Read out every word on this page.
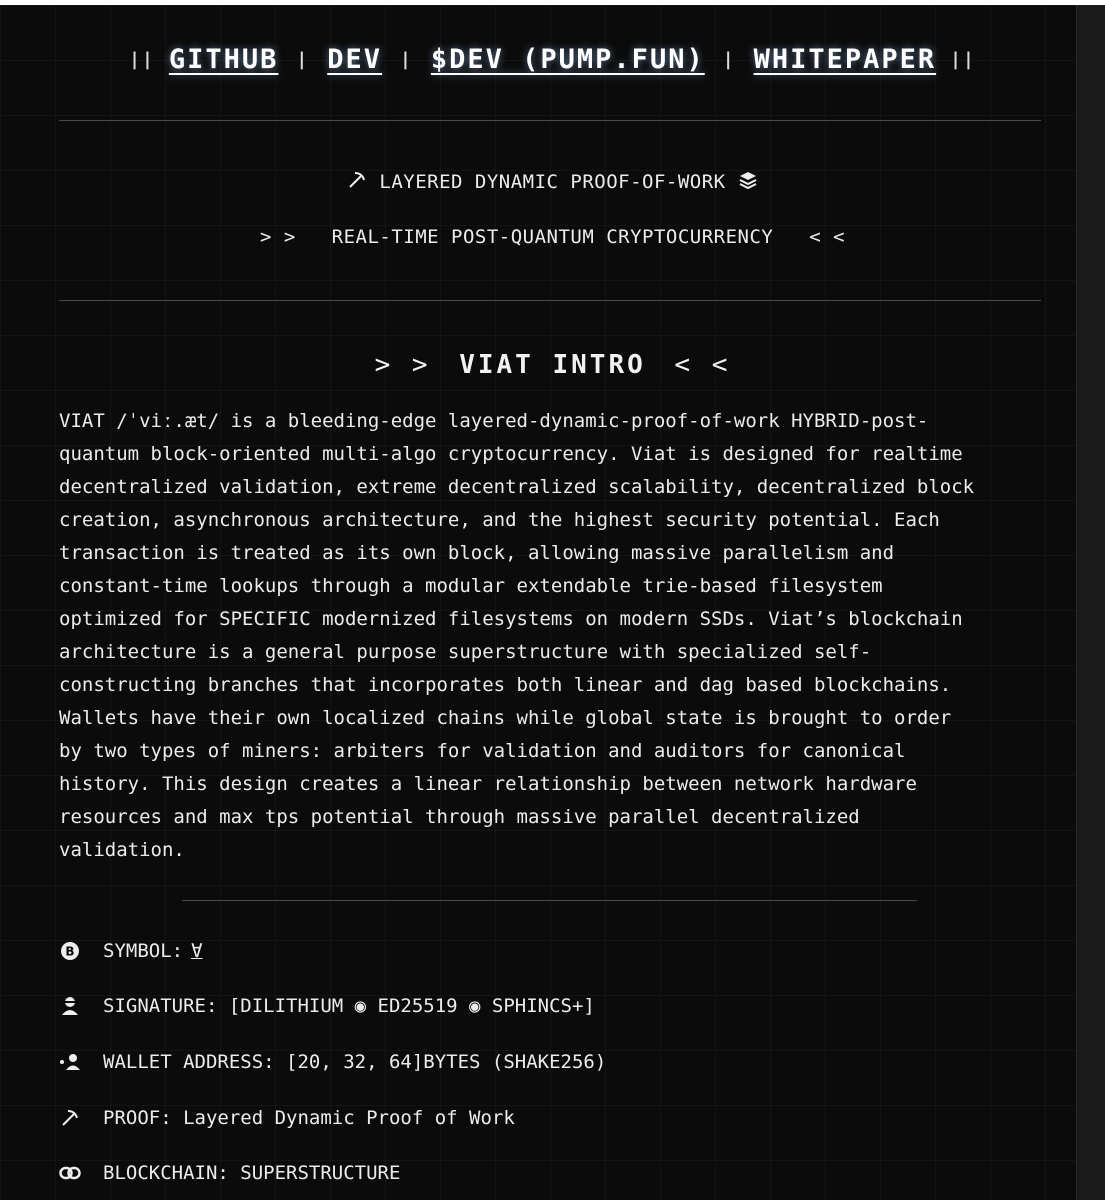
|| GITHUB | DEV | $DEV (PUMP.FUN) | WHITEPAPER ||
LAYERED DYNAMIC PROOF-OF-WORK
> > REAL-TIME POST-QUANTUM CRYPTOCURRENCY < <
> > VIAT INTRO < <
VIAT /ˈviː.æt/ is a bleeding-edge layered-dynamic-proof-of-work HYBRID-post-
quantum block-oriented multi-algo cryptocurrency. Viat is designed for realtime
decentralized validation, extreme decentralized scalability, decentralized block
creation, asynchronous architecture, and the highest security potential. Each
transaction is treated as its own block, allowing massive parallelism and
constant-time lookups through a modular extendable trie-based filesystem
optimized for SPECIFIC modernized filesystems on modern SSDs. Viat’s blockchain
architecture is a general purpose superstructure with specialized self-
constructing branches that incorporates both linear and dag based blockchains.
Wallets have their own localized chains while global state is brought to order
by two types of miners: arbiters for validation and auditors for canonical
history. This design creates a linear relationship between network hardware
resources and max tps potential through massive parallel decentralized
validation.
B SYMBOL: ∀
SIGNATURE: [DILITHIUM ◉ ED25519 ◉ SPHINCS+]
WALLET ADDRESS: [20, 32, 64]BYTES (SHAKE256)
PROOF: Layered Dynamic Proof of Work
BLOCKCHAIN: SUPERSTRUCTURE
